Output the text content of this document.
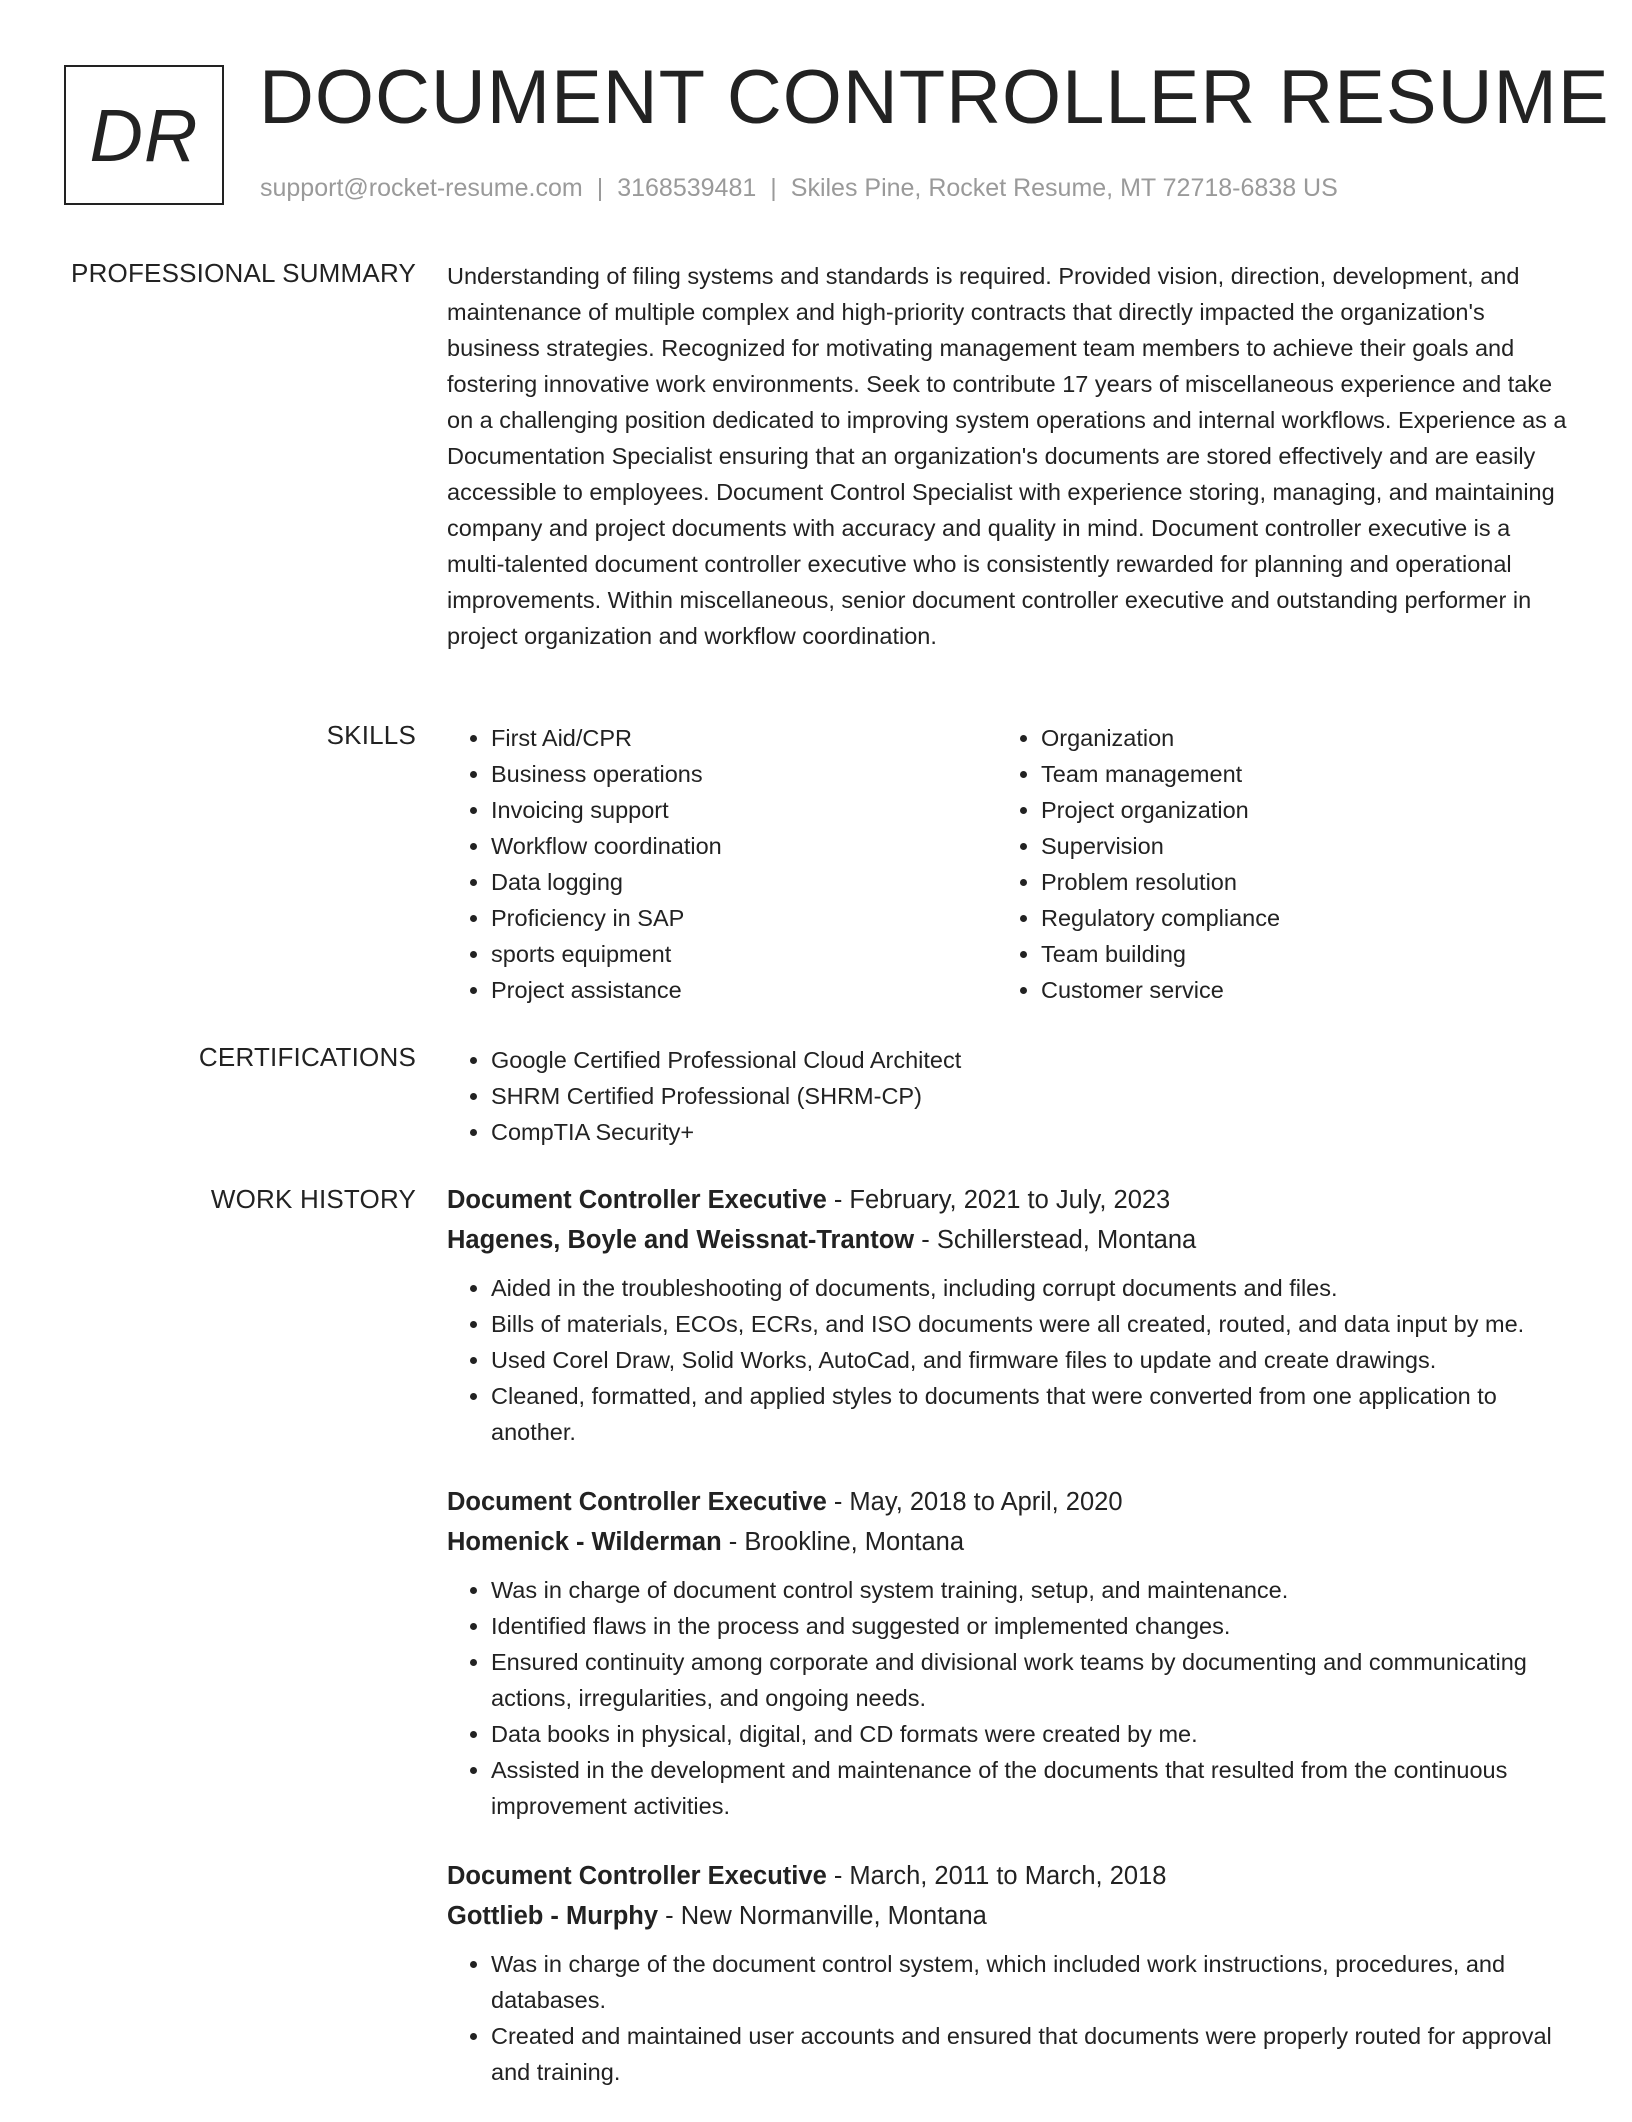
DR DOCUMENT CONTROLLER RESUME
support@rocket-resume.com | 3168539481 | Skiles Pine, Rocket Resume, MT 72718-6838 US
PROFESSIONAL SUMMARY Understanding of filing systems and standards is required. Provided vision, direction, development, and maintenance of multiple complex and high-priority contracts that directly impacted the organization's business strategies. Recognized for motivating management team members to achieve their goals and fostering innovative work environments. Seek to contribute 17 years of miscellaneous experience and take on a challenging position dedicated to improving system operations and internal workflows. Experience as a Documentation Specialist ensuring that an organization's documents are stored effectively and are easily accessible to employees. Document Control Specialist with experience storing, managing, and maintaining company and project documents with accuracy and quality in mind. Document controller executive is a multi-talented document controller executive who is consistently rewarded for planning and operational improvements. Within miscellaneous, senior document controller executive and outstanding performer in project organization and workflow coordination.

SKILLS	• First Aid/CPR
• Business operations
• Invoicing support
• Workflow coordination
• Data logging
• Proficiency in SAP
• sports equipment
• Project assistance
• Organization
• Team management
• Project organization
• Supervision
• Problem resolution
• Regulatory compliance
• Team building
• Customer service
CERTIFICATIONS	• Google Certified Professional Cloud Architect
• SHRM Certified Professional (SHRM-CP)
• CompTIA Security+
WORK HISTORY Document Controller Executive - February, 2021 to July, 2023
Hagenes, Boyle and Weissnat-Trantow - Schillerstead, Montana
• Aided in the troubleshooting of documents, including corrupt documents and files.
• Bills of materials, ECOs, ECRs, and ISO documents were all created, routed, and data input by me.
• Used Corel Draw, Solid Works, AutoCad, and firmware files to update and create drawings.
• Cleaned, formatted, and applied styles to documents that were converted from one application to another.
Document Controller Executive - May, 2018 to April, 2020
Homenick - Wilderman - Brookline, Montana
• Was in charge of document control system training, setup, and maintenance.
• Identified flaws in the process and suggested or implemented changes.
• Ensured continuity among corporate and divisional work teams by documenting and communicating actions, irregularities, and ongoing needs.
• Data books in physical, digital, and CD formats were created by me.
• Assisted in the development and maintenance of the documents that resulted from the continuous improvement activities.
Document Controller Executive - March, 2011 to March, 2018
Gottlieb - Murphy - New Normanville, Montana
• Was in charge of the document control system, which included work instructions, procedures, and databases.
• Created and maintained user accounts and ensured that documents were properly routed for approval and training.
